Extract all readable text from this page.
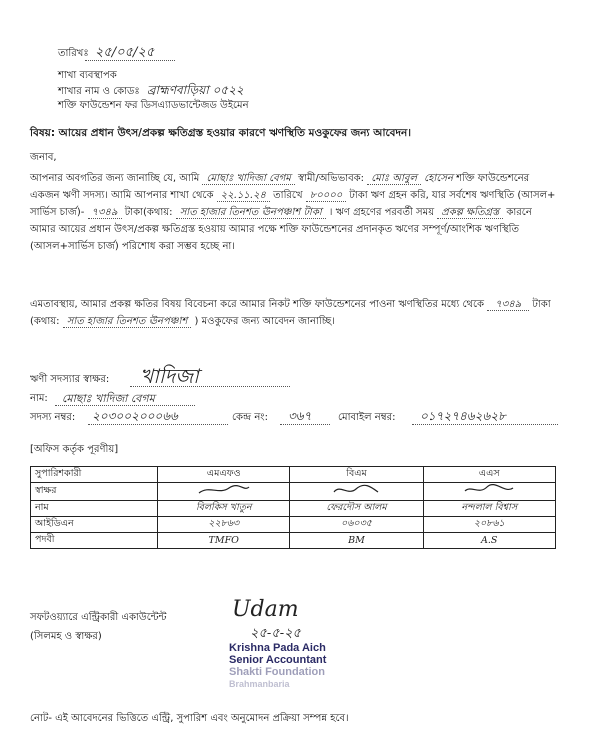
তারিখঃ ২৫/০৫/২৫
শাখা ব্যবস্থাপক
শাখার নাম ও কোডঃ ব্রাহ্মণবাড়িয়া ০৫২২
শক্তি ফাউন্ডেশন ফর ডিসএ্যাডভান্টেজড উইমেন
বিষয়: আয়ের প্রধান উৎস/প্রকল্প ক্ষতিগ্রস্ত হওয়ার কারণে ঋণস্থিতি মওকুফের জন্য আবেদন।
জনাব,
আপনার অবগতির জন্য জানাচ্ছি যে, আমি মোছাঃ খাদিজা বেগম স্বামী/অভিভাবক: মোঃ আবুল হোসেন শক্তি ফাউন্ডেশনের একজন ঋণী সদস্য। আমি আপনার শাখা থেকে ২২.১১.২৪ তারিখে ৮০০০০ টাকা ঋণ গ্রহন করি, যার সর্বশেষ ঋণস্থিতি (আসল+ সার্ভিস চার্জ)- ৭৩৪৯ টাকা(কথায়: সাত হাজার তিনশত ঊনপঞ্চাশ টাকা । ঋণ গ্রহণের পরবর্তী সময় প্রকল্প ক্ষতিগ্রস্ত কারনে আমার আয়ের প্রধান উৎস/প্রকল্প ক্ষতিগ্রস্ত হওয়ায় আমার পক্ষে শক্তি ফাউন্ডেশনের প্রদানকৃত ঋণের সম্পূর্ণ/আংশিক ঋণস্থিতি (আসল+সার্ভিস চার্জ) পরিশোধ করা সম্ভব হচ্ছে না।
এমতাবস্থায়, আমার প্রকল্প ক্ষতির বিষয় বিবেচনা করে আমার নিকট শক্তি ফাউন্ডেশনের পাওনা ঋণস্থিতির মধ্যে থেকে ৭৩৪৯ টাকা (কথায়: সাত হাজার তিনশত ঊনপঞ্চাশ ) মওকুফের জন্য আবেদন জানাচ্ছি।
ঋণী সদস্যার স্বাক্ষর: খাদিজা
নাম: মোছাঃ খাদিজা বেগম
সদস্য নম্বর: ২০৩০০২০০০৬৬	কেন্দ্র নং: ৩৬৭	মোবাইল নম্বর: ০১৭২৭৪৬২৬২৮
[অফিস কর্তৃক পূরণীয়]
সুপারিশকারী	এমএফও	বিএম	এএস
স্বাক্ষর			
নাম	বিলকিস খাতুন	ফেরদৌস আলম	নন্দলাল বিশ্বাস
আইডিএন	২২৮৬৩	০৬০৩৫	২০৮৬১
পদবী	TMFO	BM	A.S
সফটওয়্যারে এন্ট্রিকারী একাউন্টেন্ট
(সিলমহ ও স্বাক্ষর)
Udam
২৫-৫-২৫
Krishna Pada Aich
Senior Accountant
Shakti Foundation
Brahmanbaria
নোট- এই আবেদনের ভিত্তিতে এন্ট্রি, সুপারিশ এবং অনুমোদন প্রক্রিয়া সম্পন্ন হবে।
